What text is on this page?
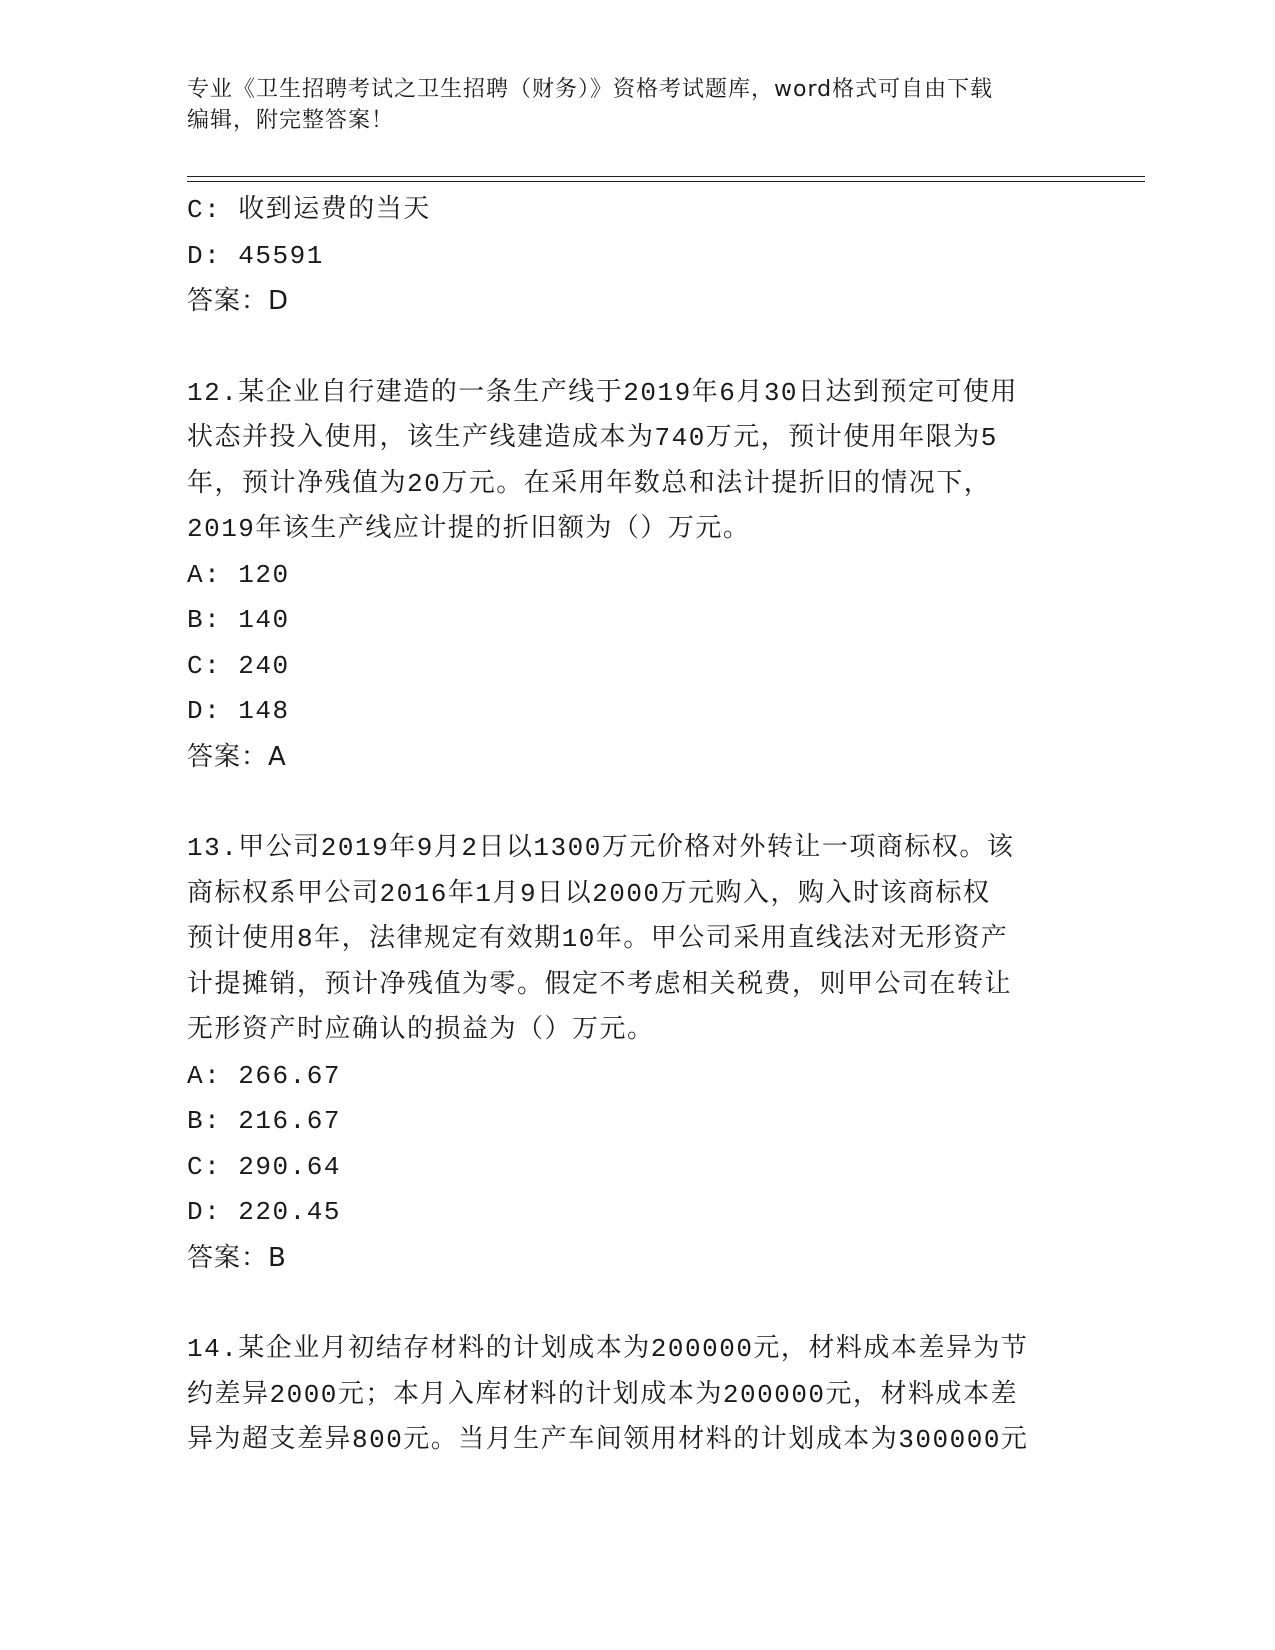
专业《卫生招聘考试之卫生招聘（财务）》资格考试题库，word格式可自由下载
编辑，附完整答案！
C: 收到运费的当天
D: 45591
答案：D
12.某企业自行建造的一条生产线于2019年6月30日达到预定可使用
状态并投入使用，该生产线建造成本为740万元，预计使用年限为5
年，预计净残值为20万元。在采用年数总和法计提折旧的情况下，
2019年该生产线应计提的折旧额为（）万元。
A: 120
B: 140
C: 240
D: 148
答案：A
13.甲公司2019年9月2日以1300万元价格对外转让一项商标权。该
商标权系甲公司2016年1月9日以2000万元购入，购入时该商标权
预计使用8年，法律规定有效期10年。甲公司采用直线法对无形资产
计提摊销，预计净残值为零。假定不考虑相关税费，则甲公司在转让
无形资产时应确认的损益为（）万元。
A: 266.67
B: 216.67
C: 290.64
D: 220.45
答案：B
14.某企业月初结存材料的计划成本为200000元，材料成本差异为节
约差异2000元；本月入库材料的计划成本为200000元，材料成本差
异为超支差异800元。当月生产车间领用材料的计划成本为300000元
